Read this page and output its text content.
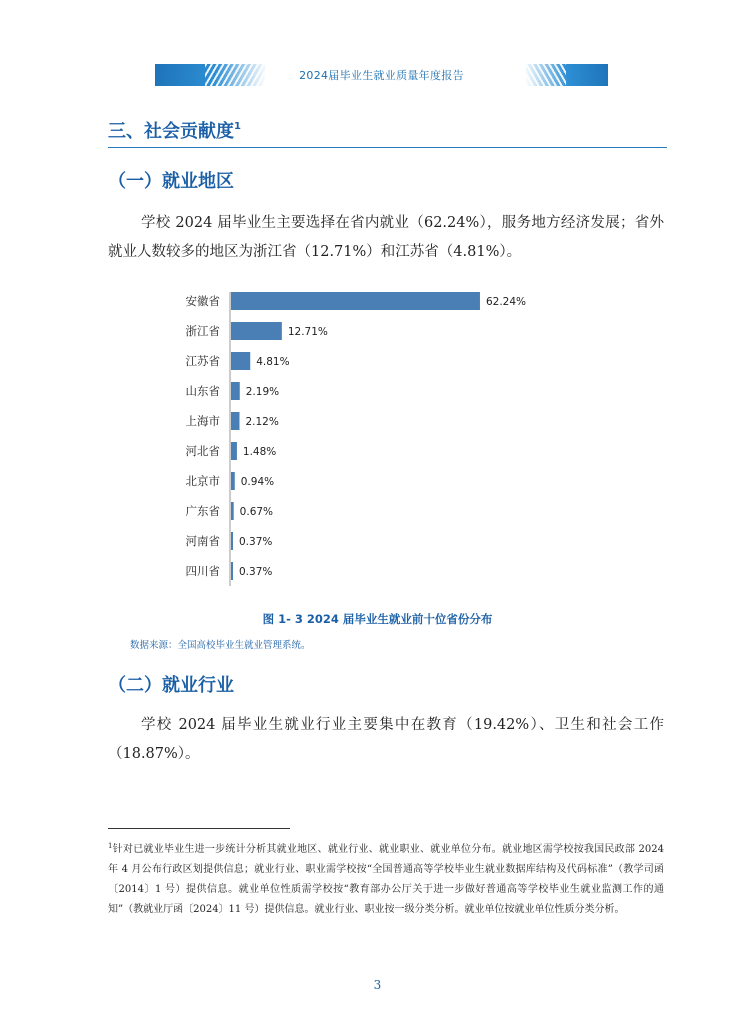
2024届毕业生就业质量年度报告
三、社会贡献度$^1$
（一）就业地区
学校 2024 届毕业生主要选择在省内就业（62.24%），服务地方经济发展；省外就业人数较多的地区为浙江省（12.71%）和江苏省（4.81%）。
安徽省	62.24%
浙江省	12.71%
江苏省	4.81%
山东省 2.19%
上海市 2.12%
河北省 1.48%
北京市 0.94%
广东省 0.67%
河南省 0.37%
四川省 0.37%
图 1- 3 2024 届毕业生就业前十位省份分布
数据来源：全国高校毕业生就业管理系统。
（二）就业行业
学校 2024 届毕业生就业行业主要集中在教育（19.42%）、卫生和社会工作（18.87%）。
$^1$针对已就业毕业生进一步统计分析其就业地区、就业行业、就业职业、就业单位分布。就业地区需学校按我国民政部 2024 年 4 月公布行政区划提供信息；就业行业、职业需学校按“全国普通高等学校毕业生就业数据库结构及代码标准”（教学司函〔2014〕1 号）提供信息。就业单位性质需学校按“教育部办公厅关于进一步做好普通高等学校毕业生就业监测工作的通知”（教就业厅函〔2024〕11 号）提供信息。就业行业、职业按一级分类分析。就业单位按就业单位性质分类分析。
3
